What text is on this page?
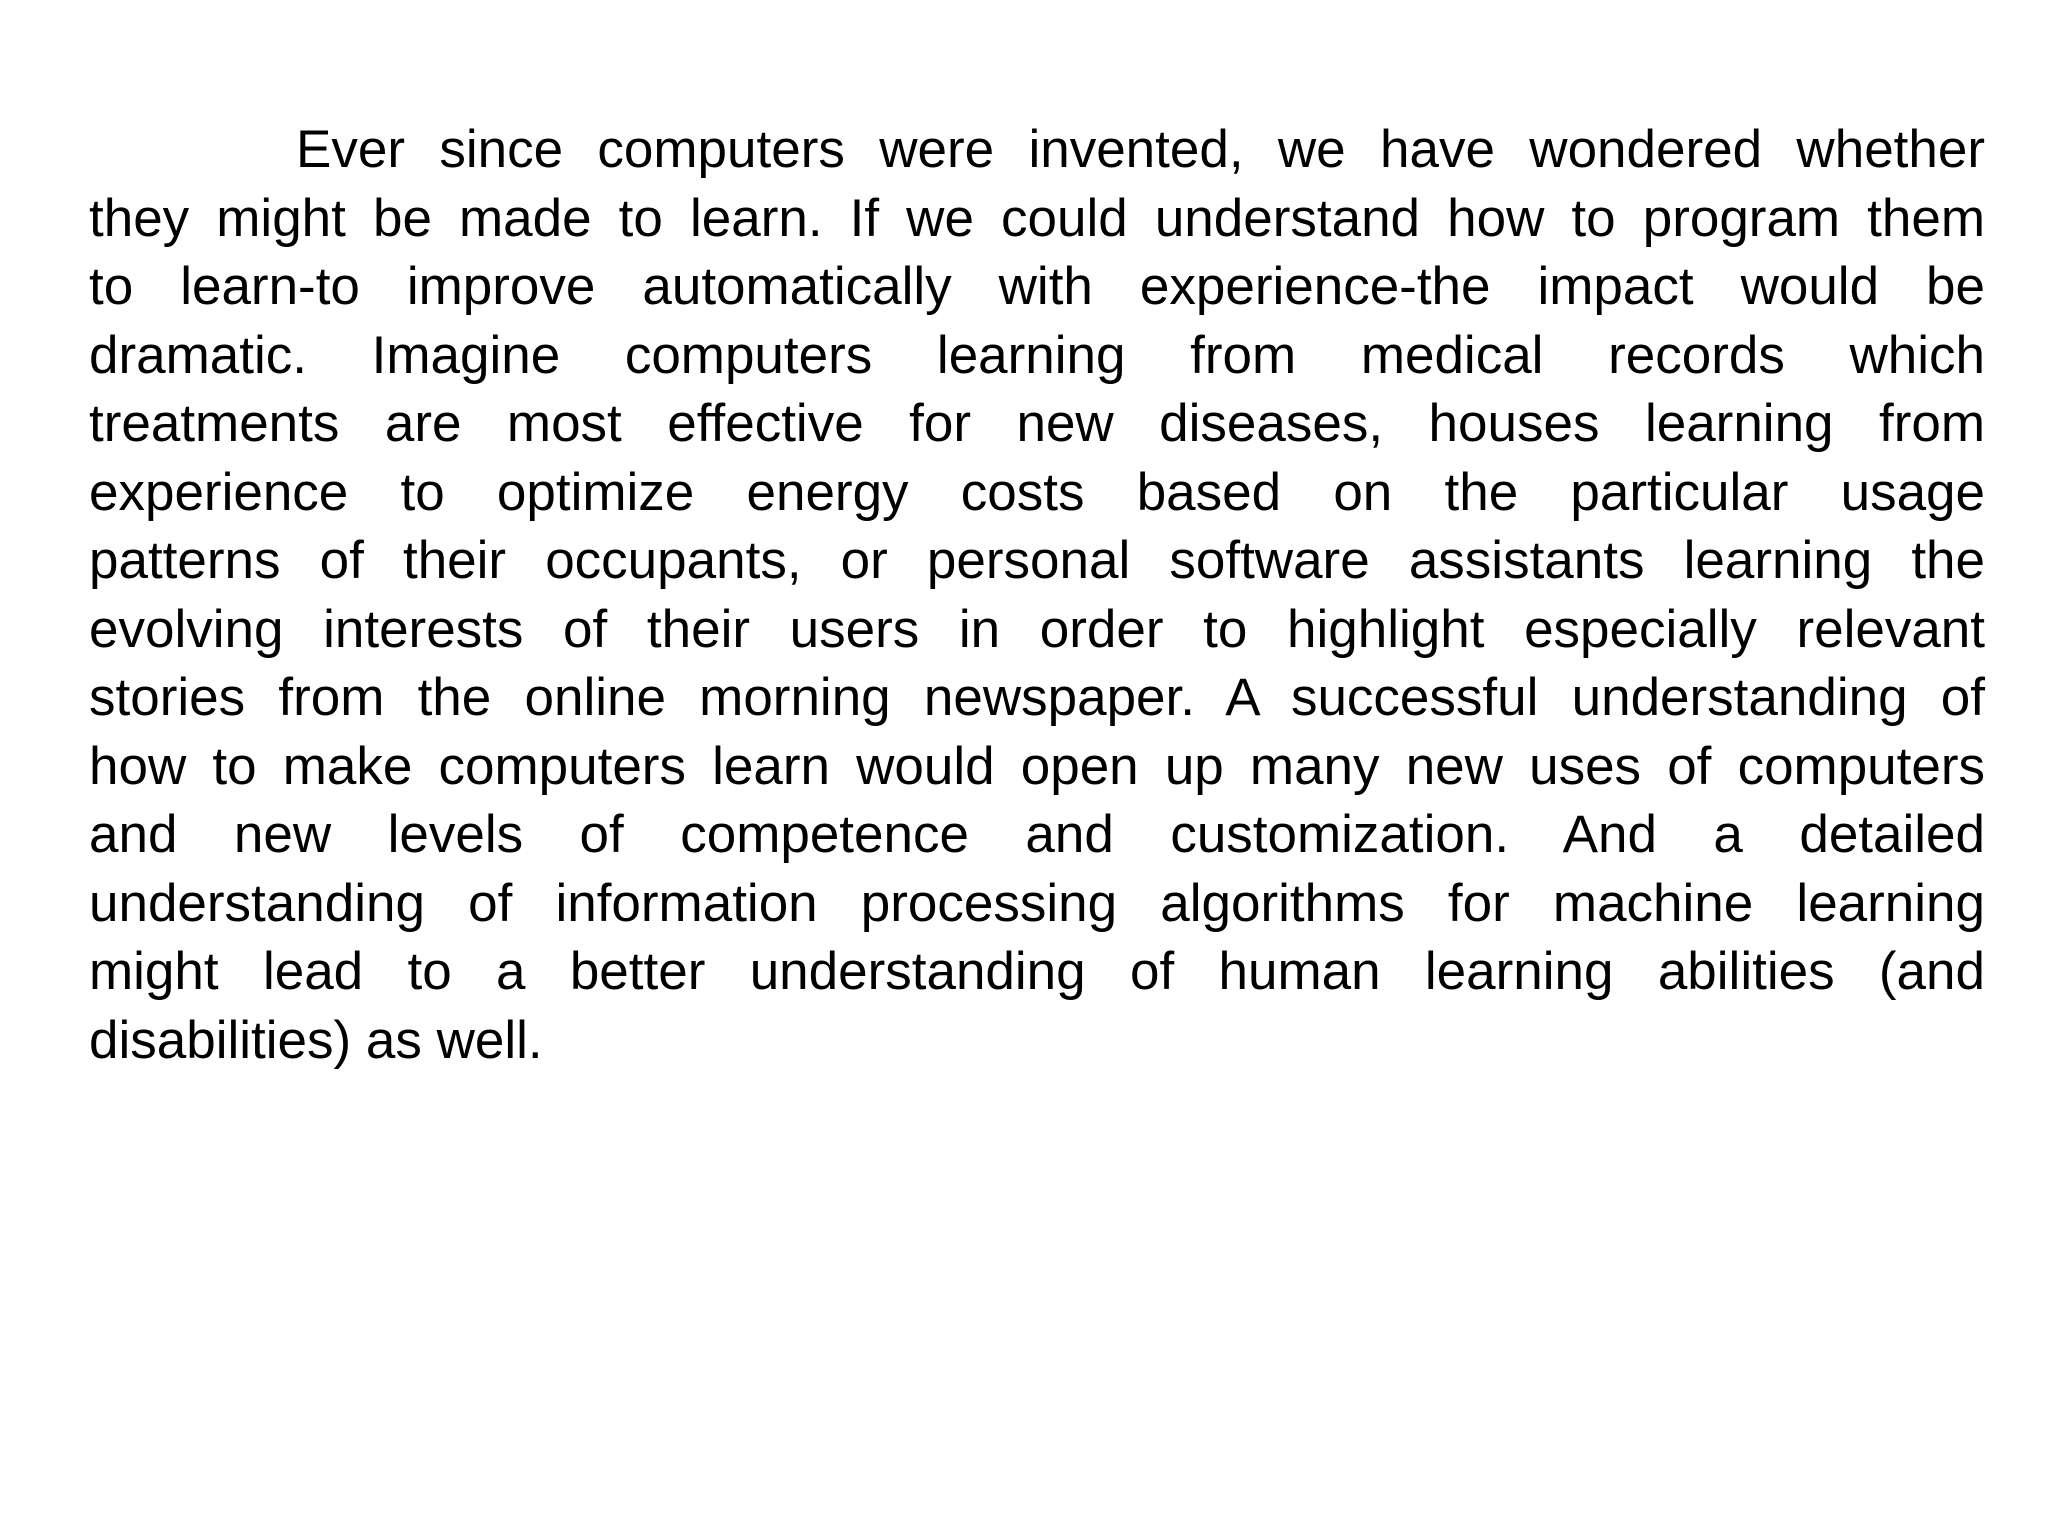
Ever since computers were invented, we have wondered whether
they might be made to learn. If we could understand how to program them
to learn-to improve automatically with experience-the impact would be
dramatic. Imagine computers learning from medical records which
treatments are most effective for new diseases, houses learning from
experience to optimize energy costs based on the particular usage
patterns of their occupants, or personal software assistants learning the
evolving interests of their users in order to highlight especially relevant
stories from the online morning newspaper. A successful understanding of
how to make computers learn would open up many new uses of computers
and new levels of competence and customization. And a detailed
understanding of information processing algorithms for machine learning
might lead to a better understanding of human learning abilities (and
disabilities) as well.
